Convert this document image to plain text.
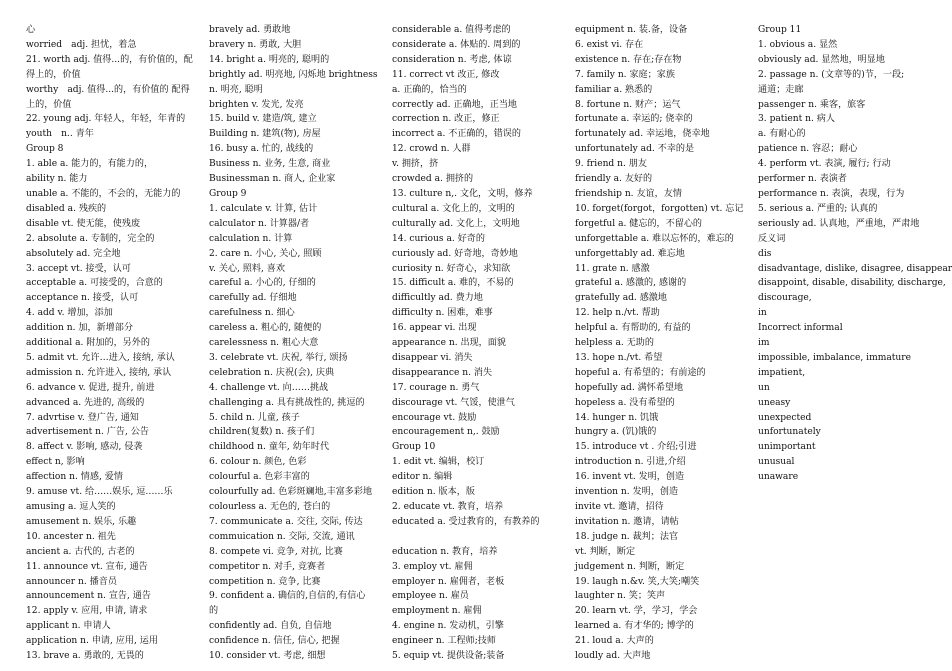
心
worried　adj. 担忧，着急
21. worth adj. 值得...的，有价值的，配
得上的，价值
worthy　adj. 值得...的，有价值的 配得
上的，价值
22. young adj. 年轻人，年轻，年青的
youth　n.. 青年
Group 8
1. able a. 能力的，有能力的，
ability n. 能力
unable a. 不能的，不会的，无能力的
disabled a. 残疾的
disable vt. 使无能，使残废
2. absolute a. 专制的，完全的
absolutely ad. 完全地
3. accept vt. 接受，认可
acceptable a. 可接受的，合意的
acceptance n. 接受，认可
4. add v. 增加，添加
addition n. 加，新增部分
additional a. 附加的，另外的
5. admit vt. 允许…进入, 接纳, 承认
admission n. 允许进入, 接纳, 承认
6. advance v. 促进, 提升, 前进
advanced a. 先进的, 高级的
7. advrtise v. 登广告, 通知
advertisement n. 广告, 公告
8. affect v. 影响, 感动, 侵袭
effect n, 影响
affection n. 情感, 爱情
9. amuse vt. 给……娱乐, 逗……乐
amusing a. 逗人笑的
amusement n. 娱乐, 乐趣
10. ancester n. 祖先
ancient a. 古代的, 古老的
11. announce vt. 宣布, 通告
announcer n. 播音员
announcement n. 宣告, 通告
12. apply v. 应用, 申请, 请求
applicant n. 申请人
application n. 申请, 应用, 运用
13. brave a. 勇敢的, 无畏的
bravely ad. 勇敢地
bravery n. 勇敢, 大胆
14. bright a. 明亮的, 聪明的
brightly ad. 明亮地, 闪烁地 brightness
n. 明亮, 聪明
brighten v. 发光, 发亮
15. build v. 建造/筑, 建立
Building n. 建筑(物), 房屋
16. busy a. 忙的, 战线的
Business n. 业务, 生意, 商业
Businessman n. 商人, 企业家
Group 9
1. calculate v. 计算, 估计
calculator n. 计算器/者
calculation n. 计算
2. care n. 小心, 关心, 照顾
v. 关心, 照料, 喜欢
careful a. 小心的, 仔细的
carefully ad. 仔细地
carefulness n. 细心
careless a. 粗心的, 随便的
carelessness n. 粗心大意
3. celebrate vt. 庆祝, 举行, 颂扬
celebration n. 庆祝(会), 庆典
4. challenge vt. 向……挑战
challenging a. 具有挑战性的, 挑逗的
5. child n. 儿童, 孩子
children(复数) n. 孩子们
childhood n. 童年, 幼年时代
6. colour n. 颜色, 色彩
colourful a. 色彩丰富的
colourfully ad. 色彩斑斓地,丰富多彩地
colourless a. 无色的, 苍白的
7. communicate a. 交往, 交际, 传达
commuication n. 交际, 交流, 通讯
8. compete vi. 竞争, 对抗, 比赛
competitor n. 对手, 竞赛者
competition n. 竞争, 比赛
9. confident a. 确信的,自信的,有信心
的
confidently ad. 自负, 自信地
confidence n. 信任, 信心, 把握
10. consider vt. 考虑, 细想
considerable a. 值得考虑的
considerate a. 体贴的. 周到的
consideration n. 考虑, 体谅
11. correct vt 改正, 修改
a. 正确的，恰当的
correctly ad. 正确地，正当地
correction n. 改正，修正
incorrect a. 不正确的，错误的
12. crowd n. 人群
v. 拥挤，挤
crowded a. 拥挤的
13. culture n,. 文化，文明，修养
cultural a. 文化上的，文明的
culturally ad. 文化上，文明地
14. curious a. 好奇的
curiously ad. 好奇地，奇妙地
curiosity n. 好奇心，求知欲
15. difficult a. 难的，不易的
difficultly ad. 费力地
difficulty n. 困难，难事
16. appear vi. 出现
appearance n. 出现，面貌
disappear vi. 消失
disappearance n. 消失
17. courage n. 勇气
discourage vt. 气馁，使泄气
encourage vt. 鼓励
encouragement n,. 鼓励
Group 10
1. edit vt. 编辑，校订
editor n. 编辑
edition n. 版本，版
2. educate vt. 教育，培养
educated a. 受过教育的，有教养的
education n. 教育，培养
3. employ vt. 雇佣
employer n. 雇佣者，老板
employee n. 雇员
employment n. 雇佣
4. engine n. 发动机，引擎
engineer n. 工程师;技师
5. equip vt. 提供设备;装备
equipment n. 装.备，设备
6. exist vi. 存在
existence n. 存在;存在物
7. family n. 家庭；家族
familiar a. 熟悉的
8. fortune n. 财产；运气
fortunate a. 幸运的; 侥幸的
fortunately ad. 幸运地，侥幸地
unfortunately ad. 不幸的是
9. friend n. 朋友
friendly a. 友好的
friendship n. 友谊，友情
10. forget(forgot，forgotten) vt. 忘记
forgetful a. 健忘的，不留心的
unforgettable a. 难以忘怀的，难忘的
unforgettably ad. 难忘地
11. grate n. 感激
grateful a. 感激的, 感谢的
gratefully ad. 感激地
12. help n./vt. 帮助
helpful a. 有帮助的, 有益的
helpless a. 无助的
13. hope n./vt. 希望
hopeful a. 有希望的；有前途的
hopefully ad. 满怀希望地
hopeless a. 没有希望的
14. hunger n. 饥饿
hungry a. (饥)饿的
15. introduce vt . 介绍;引进
introduction n. 引进,介绍
16. invent vt. 发明，创造
invention n. 发明，创造
invite vt. 邀请，招待
invitation n. 邀请，请帖
18. judge n. 裁判；法官
vt. 判断，断定
judgement n. 判断，断定
19. laugh n.&v. 笑,大笑;嘲笑
laughter n. 笑；笑声
20. learn vt. 学，学习，学会
learned a. 有才华的; 博学的
21. loud a. 大声的
loudly ad. 大声地
Group 11
1. obvious a. 显然
obviously ad. 显然地，明显地
2. passage n. (文章等的)节，一段;
通道；走廊
passenger n. 乘客，旅客
3. patient n. 病人
a. 有耐心的
patience n. 容忍；耐心
4. perform vt. 表演, 履行; 行动
performer n. 表演者
performance n. 表演，表现，行为
5. serious a. 严重的; 认真的
seriously ad. 认真地，严重地，严肃地
反义词
dis
disadvantage, dislike, disagree, disappear
disappoint, disable, disability, discharge,
discourage,
in
Incorrect informal
im
impossible, imbalance, immature
impatient,
un
uneasy
unexpected
unfortunately
unimportant
unusual
unaware
